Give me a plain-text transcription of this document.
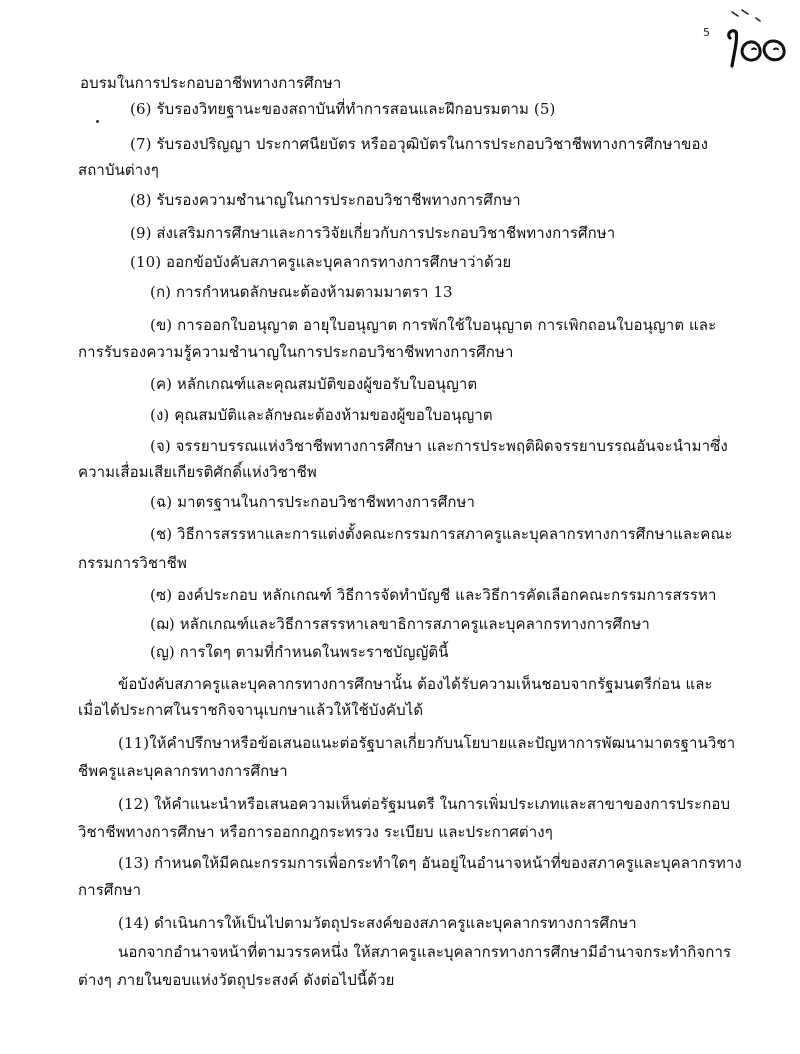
5
อบรมในการประกอบอาชีพทางการศึกษา
(6) รับรองวิทยฐานะของสถาบันที่ทำการสอนและฝึกอบรมตาม (5)
(7) รับรองปริญญา ประกาศนียบัตร หรืออวุฒิบัตรในการประกอบวิชาชีพทางการศึกษาของ
สถาบันต่างๆ
(8) รับรองความชำนาญในการประกอบวิชาชีพทางการศึกษา
(9) ส่งเสริมการศึกษาและการวิจัยเกี่ยวกับการประกอบวิชาชีพทางการศึกษา
(10) ออกข้อบังคับสภาครูและบุคลากรทางการศึกษาว่าด้วย
(ก) การกำหนดลักษณะต้องห้ามตามมาตรา 13
(ข) การออกใบอนุญาต อายุใบอนุญาต การพักใช้ใบอนุญาต การเพิกถอนใบอนุญาต และ
การรับรองความรู้ความชำนาญในการประกอบวิชาชีพทางการศึกษา
(ค) หลักเกณฑ์และคุณสมบัติของผู้ขอรับใบอนุญาต
(ง) คุณสมบัติและลักษณะต้องห้ามของผู้ขอใบอนุญาต
(จ) จรรยาบรรณแห่งวิชาชีพทางการศึกษา และการประพฤติผิดจรรยาบรรณอันจะนำมาซึ่ง
ความเสื่อมเสียเกียรติศักดิ์แห่งวิชาชีพ
(ฉ) มาตรฐานในการประกอบวิชาชีพทางการศึกษา
(ช) วิธีการสรรหาและการแต่งตั้งคณะกรรมการสภาครูและบุคลากรทางการศึกษาและคณะ
กรรมการวิชาชีพ
(ซ) องค์ประกอบ หลักเกณฑ์ วิธีการจัดทำบัญชี และวิธีการคัดเลือกคณะกรรมการสรรหา
(ฌ) หลักเกณฑ์และวิธีการสรรหาเลขาธิการสภาครูและบุคลากรทางการศึกษา
(ญ) การใดๆ ตามที่กำหนดในพระราชบัญญัตินี้
ข้อบังคับสภาครูและบุคลากรทางการศึกษานั้น ต้องได้รับความเห็นชอบจากรัฐมนตรีก่อน และ
เมื่อได้ประกาศในราชกิจจานุเบกษาแล้วให้ใช้บังคับได้
(11)ให้คำปรึกษาหรือข้อเสนอแนะต่อรัฐบาลเกี่ยวกับนโยบายและปัญหาการพัฒนามาตรฐานวิชา
ชีพครูและบุคลากรทางการศึกษา
(12) ให้คำแนะนำหรือเสนอความเห็นต่อรัฐมนตรี ในการเพิ่มประเภทและสาขาของการประกอบ
วิชาชีพทางการศึกษา หรือการออกกฎกระทรวง ระเบียบ และประกาศต่างๆ
(13) กำหนดให้มีคณะกรรมการเพื่อกระทำใดๆ อันอยู่ในอำนาจหน้าที่ของสภาครูและบุคลากรทาง
การศึกษา
(14) ดำเนินการให้เป็นไปตามวัตถุประสงค์ของสภาครูและบุคลากรทางการศึกษา
นอกจากอำนาจหน้าที่ตามวรรคหนึ่ง ให้สภาครูและบุคลากรทางการศึกษามีอำนาจกระทำกิจการ
ต่างๆ ภายในขอบแห่งวัตถุประสงค์ ดังต่อไปนี้ด้วย
